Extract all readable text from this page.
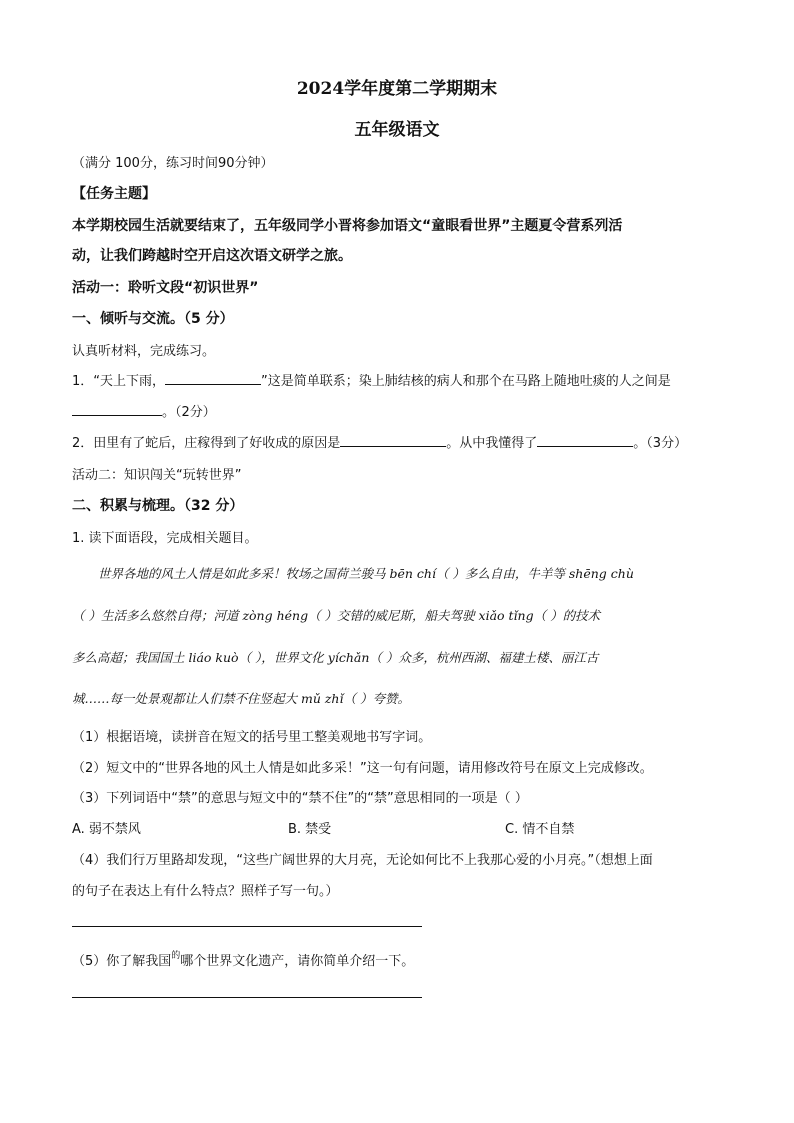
2024学年度第二学期期末
五年级语文
（满分 100分，练习时间90分钟）
【任务主题】
本学期校园生活就要结束了，五年级同学小晋将参加语文“童眼看世界”主题夏令营系列活
动，让我们跨越时空开启这次语文研学之旅。
活动一：聆听文段“初识世界”
一、倾听与交流。（5 分）
认真听材料，完成练习。
1．“天上下雨，	”这是简单联系；染上肺结核的病人和那个在马路上随地吐痰的人之间是
。（2分）
2．田里有了蛇后，庄稼得到了好收成的原因是	。从中我懂得了	。（3分）
活动二：知识闯关“玩转世界”
二、积累与梳理。（32 分）
1. 读下面语段，完成相关题目。
世界各地的风土人情是如此多采！牧场之国荷兰骏马 bēn chí（ ）多么自由，牛羊等 shēng chù
（ ）生活多么悠然自得；河道 zòng héng（ ）交错的威尼斯，船夫驾驶 xiǎo tǐng（ ）的技术
多么高超；我国国土 liáo kuò（ ），世界文化 yíchǎn（ ）众多，杭州西湖、福建土楼、丽江古
城……每一处景观都让人们禁不住竖起大 mǔ zhǐ（ ）夸赞。
（1）根据语境，读拼音在短文的括号里工整美观地书写字词。
（2）短文中的“世界各地的风土人情是如此多采！”这一句有问题，请用修改符号在原文上完成修改。
（3）下列词语中“禁”的意思与短文中的“禁不住”的“禁”意思相同的一项是（ ）
A. 弱不禁风	B. 禁受	C. 情不自禁
（4）我们行万里路却发现，“这些广阔世界的大月亮，无论如何比不上我那心爱的小月亮。”（想想上面
的句子在表达上有什么特点？照样子写一句。）
（5）你了解我国$^的$哪个世界文化遗产，请你简单介绍一下。
